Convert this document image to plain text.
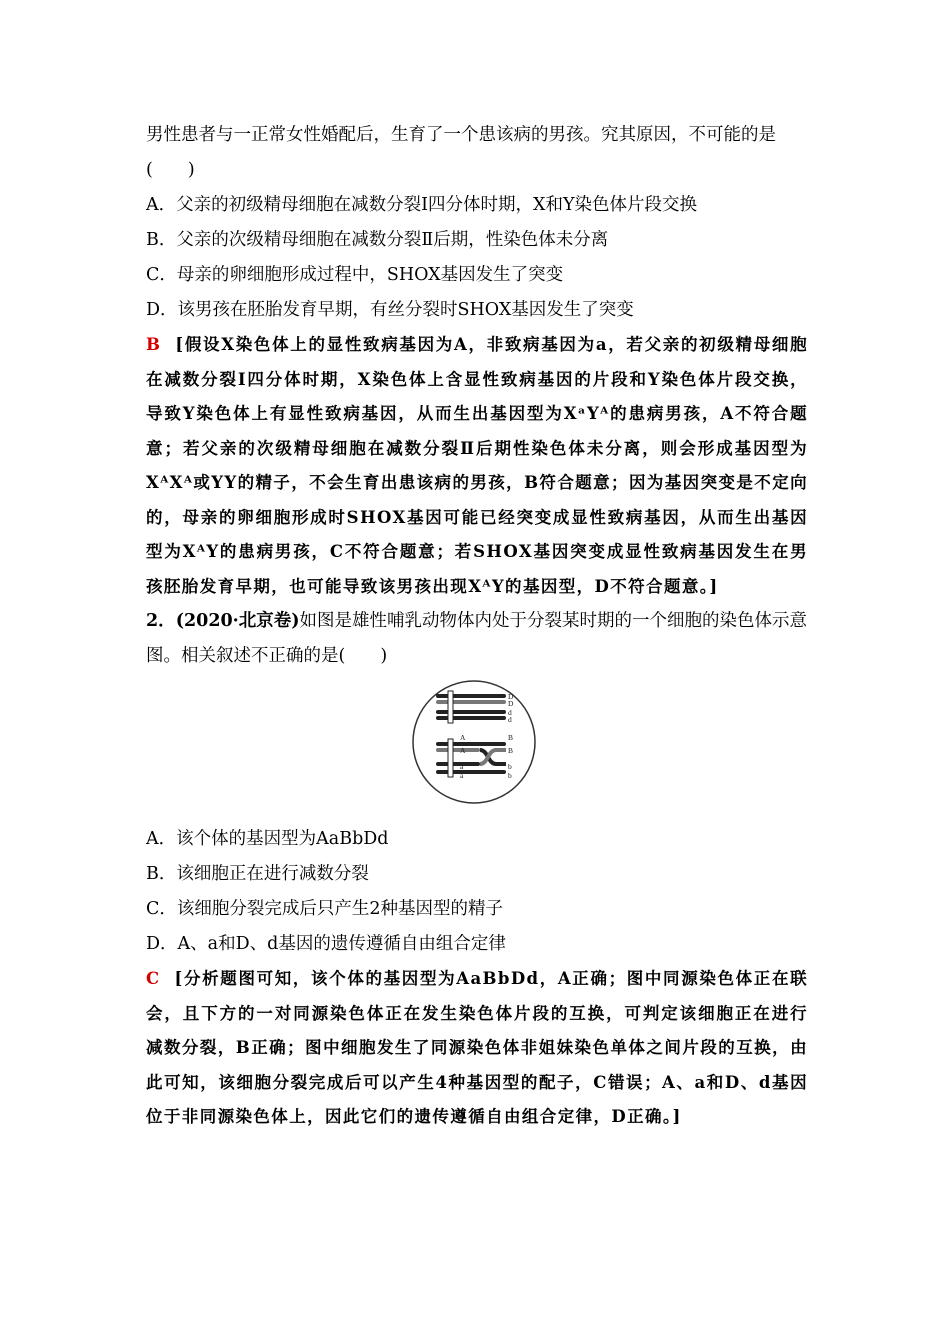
男性患者与一正常女性婚配后，生育了一个患该病的男孩。究其原因，不可能的是(　　)
A．父亲的初级精母细胞在减数分裂Ⅰ四分体时期，X和Y染色体片段交换
B．父亲的次级精母细胞在减数分裂Ⅱ后期，性染色体未分离
C．母亲的卵细胞形成过程中，SHOX基因发生了突变
D．该男孩在胚胎发育早期，有丝分裂时SHOX基因发生了突变
B [假设X染色体上的显性致病基因为A，非致病基因为a，若父亲的初级精母细胞在减数分裂Ⅰ四分体时期，X染色体上含显性致病基因的片段和Y染色体片段交换，导致Y染色体上有显性致病基因，从而生出基因型为XᵃYᴬ的患病男孩，A不符合题意；若父亲的次级精母细胞在减数分裂Ⅱ后期性染色体未分离，则会形成基因型为XᴬXᴬ或YY的精子，不会生育出患该病的男孩，B符合题意；因为基因突变是不定向的，母亲的卵细胞形成时SHOX基因可能已经突变成显性致病基因，从而生出基因型为XᴬY的患病男孩，C不符合题意；若SHOX基因突变成显性致病基因发生在男孩胚胎发育早期，也可能导致该男孩出现XᴬY的基因型，D不符合题意。]
2．(2020·北京卷)如图是雄性哺乳动物体内处于分裂某时期的一个细胞的染色体示意图。相关叙述不正确的是(　　)
D
D
d
d
A	B
A	B
a	b
a	b
A．该个体的基因型为AaBbDd
B．该细胞正在进行减数分裂
C．该细胞分裂完成后只产生2种基因型的精子
D．A、a和D、d基因的遗传遵循自由组合定律
C [分析题图可知，该个体的基因型为AaBbDd，A正确；图中同源染色体正在联会，且下方的一对同源染色体正在发生染色体片段的互换，可判定该细胞正在进行减数分裂，B正确；图中细胞发生了同源染色体非姐妹染色单体之间片段的互换，由此可知，该细胞分裂完成后可以产生4种基因型的配子，C错误；A、a和D、d基因位于非同源染色体上，因此它们的遗传遵循自由组合定律，D正确。]
